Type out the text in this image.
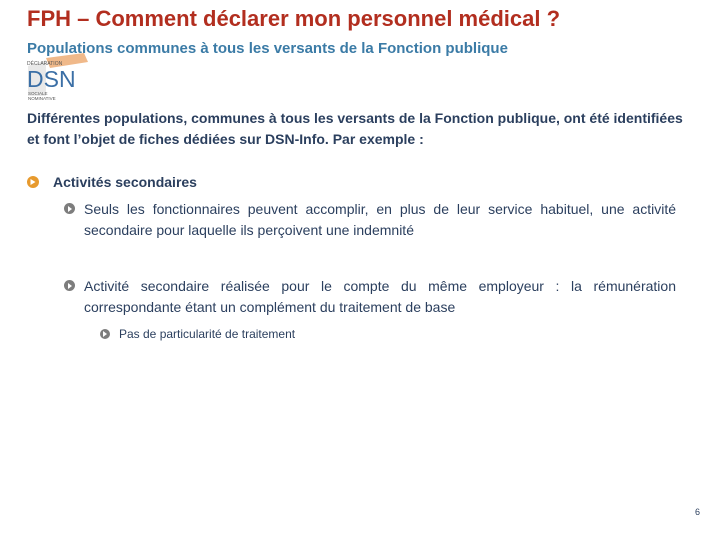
FPH – Comment déclarer mon personnel médical ?
DÉCLARATION
DSN
SOCIALE
NOMINATIVE
Populations communes à tous les versants de la Fonction publique
Différentes populations, communes à tous les versants de la Fonction publique, ont été identifiées et font l’objet de fiches dédiées sur DSN-Info. Par exemple :
Activités secondaires
Seuls les fonctionnaires peuvent accomplir, en plus de leur service habituel, une activité secondaire pour laquelle ils perçoivent une indemnité
Activité secondaire réalisée pour le compte du même employeur : la rémunération correspondante étant un complément du traitement de base
Pas de particularité de traitement
6
